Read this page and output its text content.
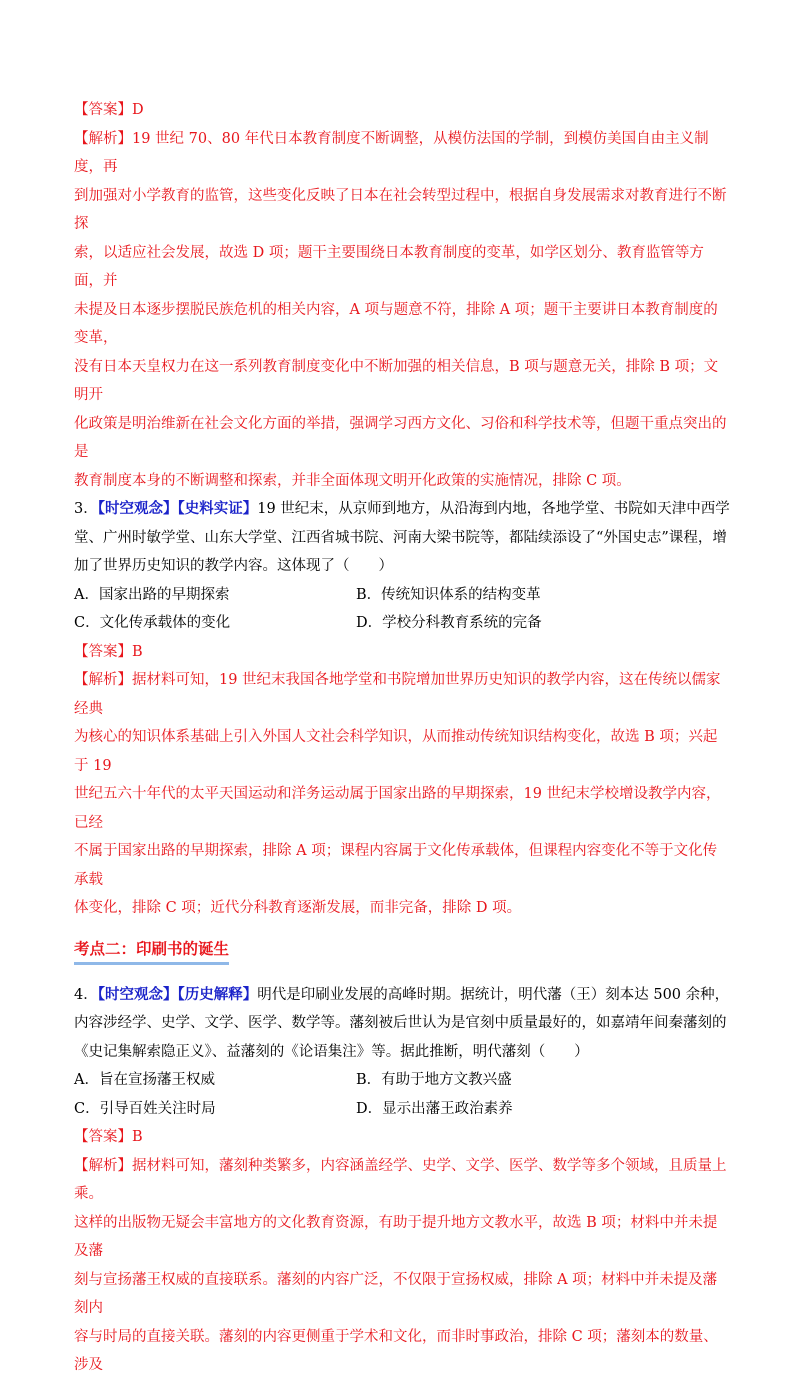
【答案】D

【解析】19 世纪 70、80 年代日本教育制度不断调整，从模仿法国的学制，到模仿美国自由主义制度，再
到加强对小学教育的监管，这些变化反映了日本在社会转型过程中，根据自身发展需求对教育进行不断探
索，以适应社会发展，故选 D 项；题干主要围绕日本教育制度的变革，如学区划分、教育监管等方面，并
未提及日本逐步摆脱民族危机的相关内容，A 项与题意不符，排除 A 项；题干主要讲日本教育制度的变革，
没有日本天皇权力在这一系列教育制度变化中不断加强的相关信息，B 项与题意无关，排除 B 项；文明开
化政策是明治维新在社会文化方面的举措，强调学习西方文化、习俗和科学技术等，但题干重点突出的是
教育制度本身的不断调整和探索，并非全面体现文明开化政策的实施情况，排除 C 项。

3．【时空观念】【史料实证】19 世纪末，从京师到地方，从沿海到内地，各地学堂、书院如天津中西学
堂、广州时敏学堂、山东大学堂、江西省城书院、河南大梁书院等，都陆续添设了“外国史志”课程，增
加了世界历史知识的教学内容。这体现了（　　）

A．国家出路的早期探索	B．传统知识体系的结构变革
C．文化传承载体的变化	D．学校分科教育系统的完备

【答案】B

【解析】据材料可知，19 世纪末我国各地学堂和书院增加世界历史知识的教学内容，这在传统以儒家经典
为核心的知识体系基础上引入外国人文社会科学知识，从而推动传统知识结构变化，故选 B 项；兴起于 19
世纪五六十年代的太平天国运动和洋务运动属于国家出路的早期探索，19 世纪末学校增设教学内容，已经
不属于国家出路的早期探索，排除 A 项；课程内容属于文化传承载体，但课程内容变化不等于文化传承载
体变化，排除 C 项；近代分科教育逐渐发展，而非完备，排除 D 项。

考点二：印刷书的诞生

4．【时空观念】【历史解释】明代是印刷业发展的高峰时期。据统计，明代藩（王）刻本达 500 余种，
内容涉经学、史学、文学、医学、数学等。藩刻被后世认为是官刻中质量最好的，如嘉靖年间秦藩刻的
《史记集解索隐正义》、益藩刻的《论语集注》等。据此推断，明代藩刻（　　）

A．旨在宣扬藩王权威	B．有助于地方文教兴盛
C．引导百姓关注时局	D．显示出藩王政治素养

【答案】B

【解析】据材料可知，藩刻种类繁多，内容涵盖经学、史学、文学、医学、数学等多个领域，且质量上乘。
这样的出版物无疑会丰富地方的文化教育资源，有助于提升地方文教水平，故选 B 项；材料中并未提及藩
刻与宣扬藩王权威的直接联系。藩刻的内容广泛，不仅限于宣扬权威，排除 A 项；材料中并未提及藩刻内
容与时局的直接关联。藩刻的内容更侧重于学术和文化，而非时事政治，排除 C 项；藩刻本的数量、涉及
